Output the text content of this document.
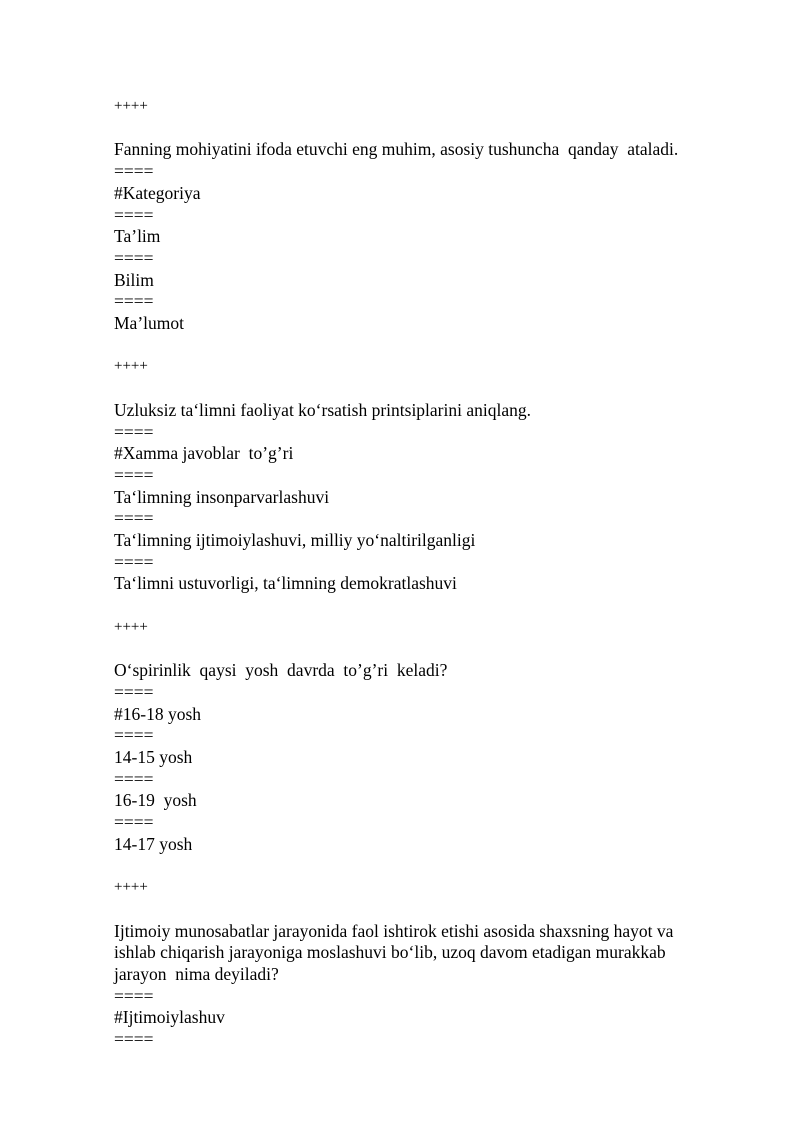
++++

Fanning mohiyatini ifoda etuvchi eng muhim, asosiy tushuncha  qanday  ataladi.

====

#Kategoriya

====

Ta’lim

====

Bilim

====

Ma’lumot

++++

Uzluksiz ta‘limni faoliyat ko‘rsatish printsiplarini aniqlang.

====

#Xamma javoblar  to’g’ri

====

Ta‘limning insonparvarlashuvi

====

Ta‘limning ijtimoiylashuvi, milliy yo‘naltirilganligi

====

Ta‘limni ustuvorligi, ta‘limning demokratlashuvi

++++

O‘spirinlik  qaysi  yosh  davrda  to’g’ri  keladi?

====

#16-18 yosh

====

14-15 yosh

====

16-19  yosh

====

14-17 yosh

++++

Ijtimoiy munosabatlar jarayonida faol ishtirok etishi asosida shaxsning hayot va

ishlab chiqarish jarayoniga moslashuvi bo‘lib, uzoq davom etadigan murakkab

jarayon  nima deyiladi?

====

#Ijtimoiylashuv

====
